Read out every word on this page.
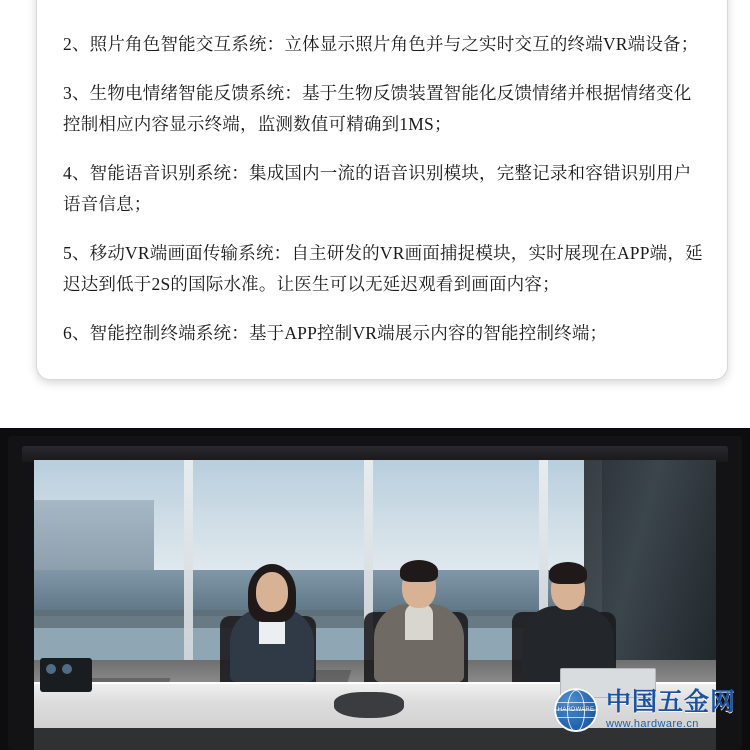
2、照片角色智能交互系统：立体显示照片角色并与之实时交互的终端VR端设备；

3、生物电情绪智能反馈系统：基于生物反馈装置智能化反馈情绪并根据情绪变化控制相应内容显示终端，监测数值可精确到1MS；

4、智能语音识别系统：集成国内一流的语音识别模块，完整记录和容错识别用户语音信息；

5、移动VR端画面传输系统：自主研发的VR画面捕捉模块，实时展现在APP端，延迟达到低于2S的国际水准。让医生可以无延迟观看到画面内容；

6、智能控制终端系统：基于APP控制VR端展示内容的智能控制终端；

HARDWARE 中国五金网
www.hardware.cn
